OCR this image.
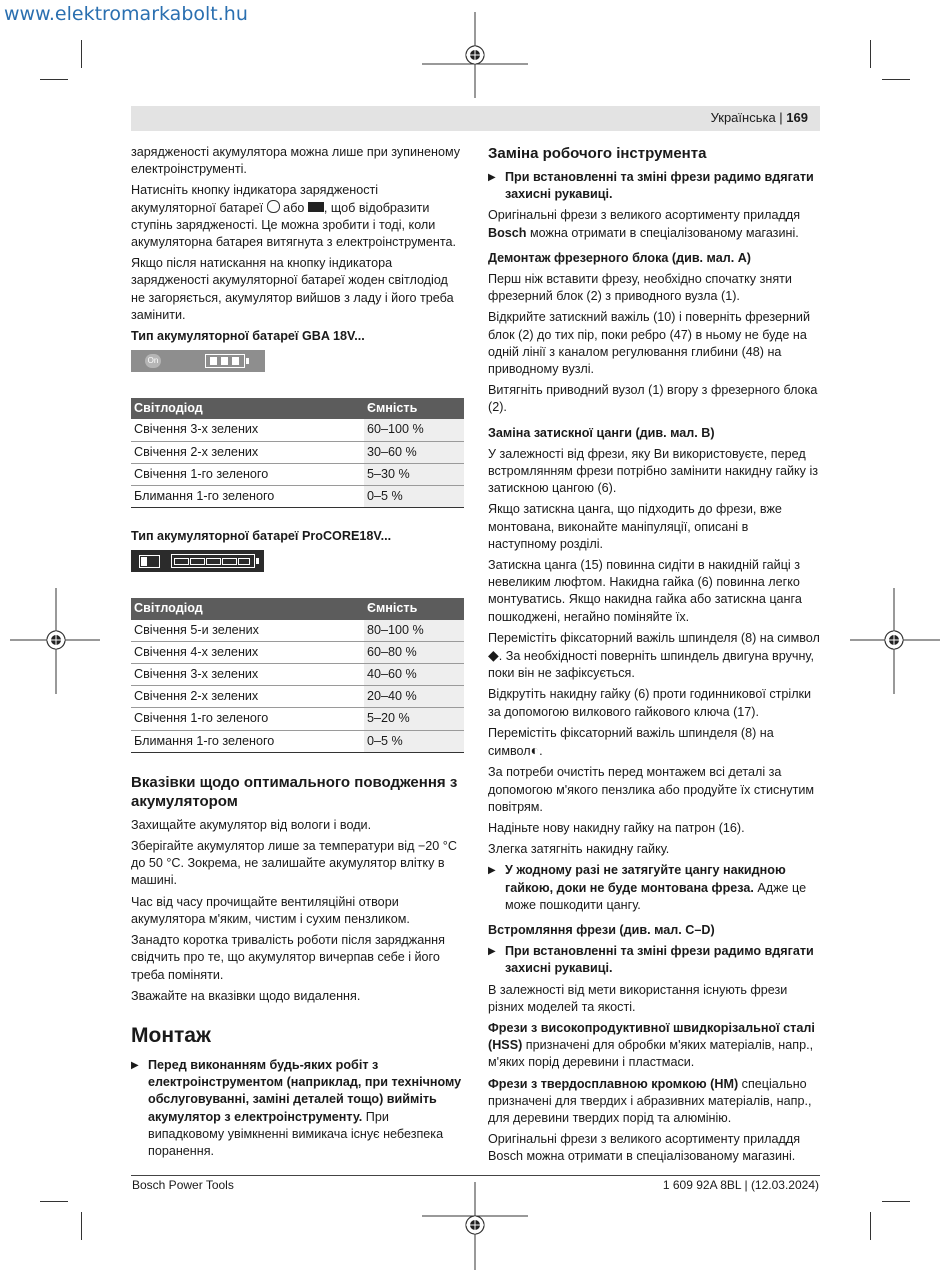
www.elektromarkabolt.hu
Українська | 169

зарядженості акумулятора можна лише при зупиненому електроінструменті.

Натисніть кнопку індикатора зарядженості акумуляторної батареї  або , щоб відобразити ступінь зарядженості. Це можна зробити і тоді, коли акумуляторна батарея витягнута з електроінструмента.

Якщо після натискання на кнопку індикатора зарядженості акумуляторної батареї жоден світлодіод не загоряється, акумулятор вийшов з ладу і його треба замінити.

Тип акумуляторної батареї GBA 18V...
On
Світлодіод	Ємність
Свічення 3-х зелених	60–100 %
Свічення 2-х зелених	30–60 %
Свічення 1-го зеленого	5–30 %
Блимання 1-го зеленого	0–5 %
Тип акумуляторної батареї ProCORE18V...
Світлодіод	Ємність
Свічення 5-и зелених	80–100 %
Свічення 4-х зелених	60–80 %
Свічення 3-х зелених	40–60 %
Свічення 2-х зелених	20–40 %
Свічення 1-го зеленого	5–20 %
Блимання 1-го зеленого	0–5 %
Вказівки щодо оптимального поводження з акумулятором

Захищайте акумулятор від вологи і води.

Зберігайте акумулятор лише за температури від −20 °C до 50 °C. Зокрема, не залишайте акумулятор влітку в машині.

Час від часу прочищайте вентиляційні отвори акумулятора м'яким, чистим і сухим пензликом.

Занадто коротка тривалість роботи після заряджання свідчить про те, що акумулятор вичерпав себе і його треба поміняти.

Зважайте на вказівки щодо видалення.

Монтаж
▶ Перед виконанням будь-яких робіт з електроінструментом (наприклад, при технічному обслуговуванні, заміні деталей тощо) вийміть акумулятор з електроінструменту. При випадковому увімкненні вимикача існує небезпека поранення.
Заміна робочого інструмента
▶ При встановленні та зміні фрези радимо вдягати захисні рукавиці.

Оригінальні фрези з великого асортименту приладдя Bosch можна отримати в спеціалізованому магазині.

Демонтаж фрезерного блока (див. мал. A)

Перш ніж вставити фрезу, необхідно спочатку зняти фрезерний блок (2) з приводного вузла (1).

Відкрийте затискний важіль (10) і поверніть фрезерний блок (2) до тих пір, поки ребро (47) в ньому не буде на одній лінії з каналом регулювання глибини (48) на приводному вузлі.

Витягніть приводний вузол (1) вгору з фрезерного блока (2).

Заміна затискної цанги (див. мал. B)

У залежності від фрези, яку Ви використовуєте, перед встромлянням фрези потрібно замінити накидну гайку із затискною цангою (6).

Якщо затискна цанга, що підходить до фрези, вже монтована, виконайте маніпуляції, описані в наступному розділі.

Затискна цанга (15) повинна сидіти в накидній гайці з невеликим люфтом. Накидна гайка (6) повинна легко монтуватись. Якщо накидна гайка або затискна цанга пошкоджені, негайно поміняйте їх.

Перемістіть фіксаторний важіль шпинделя (8) на символ ◆. За необхідності поверніть шпиндель двигуна вручну, поки він не зафіксується.

Відкрутіть накидну гайку (6) проти годинникової стрілки за допомогою вилкового гайкового ключа (17).

Перемістіть фіксаторний важіль шпинделя (8) на символ◐.

За потреби очистіть перед монтажем всі деталі за допомогою м'якого пензлика або продуйте їх стиснутим повітрям.

Надіньте нову накидну гайку на патрон (16).

Злегка затягніть накидну гайку.

▶ У жодному разі не затягуйте цангу накидною гайкою, доки не буде монтована фреза. Адже це може пошкодити цангу.
Встромляння фрези (див. мал. C–D)
▶ При встановленні та зміні фрези радимо вдягати захисні рукавиці.

В залежності від мети використання існують фрези різних моделей та якості.

Фрези з високопродуктивної швидкорізальної сталі (HSS) призначені для обробки м'яких матеріалів, напр., м'яких порід деревини і пластмаси.

Фрези з твердосплавною кромкою (HM) спеціально призначені для твердих і абразивних матеріалів, напр., для деревини твердих порід та алюмінію.

Оригінальні фрези з великого асортименту приладдя Bosch можна отримати в спеціалізованому магазині.

Bosch Power Tools	1 609 92A 8BL | (12.03.2024)
